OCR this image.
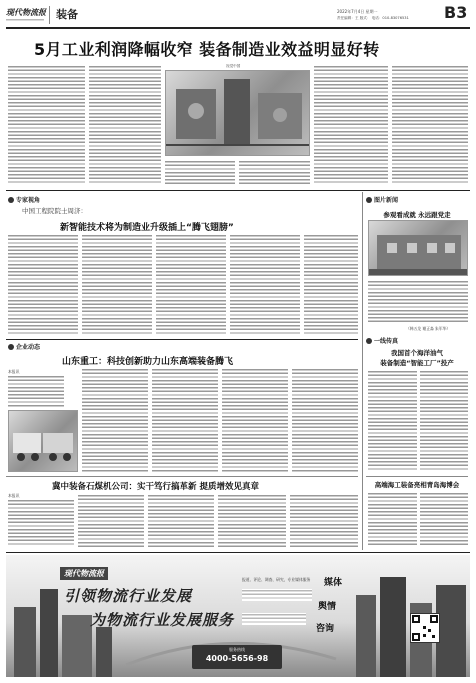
现代物流报 装备	2022年7月4日 星期一
责任编辑：王 版式： 电话：010-83076531 B3
5月工业利润降幅收窄 装备制造业效益明显好转
视觉中国
专家视角
中国工程院院士周济：
新智能技术将为制造业升级插上“腾飞翅膀”
图片新闻
参观看成就 永远跟党走
（韩五龙 谢正淼 朱军华）
一线传真
我国首个海洋油气
装备制造“智能工厂”投产
高端海工装备亮相青岛海博会
企业动态
山东重工：科技创新助力山东高端装备腾飞
本报讯
冀中装备石煤机公司：实干笃行搞革新 提质增效见真章
本报讯
现代物流报
引领物流行业发展
为物流行业发展服务
报道、评论、调查、研究，专业媒体服务 媒体
舆情
咨询
服务热线
4000-5656-98
